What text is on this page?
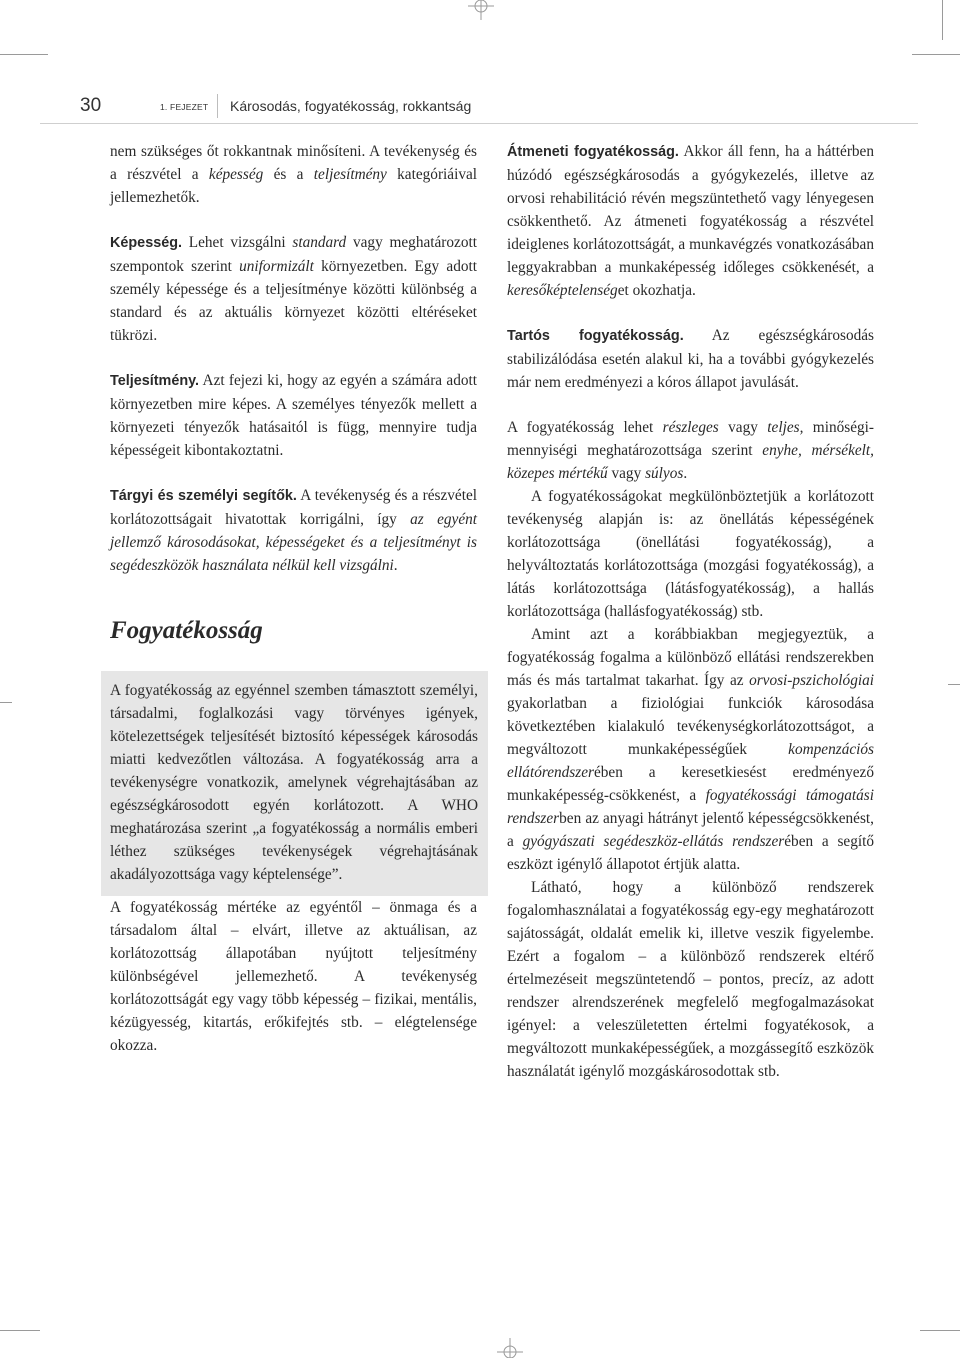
30	1. FEJEZET Károsodás, fogyatékosság, rokkantság

nem szükséges őt rokkantnak minősíteni. A tevékenység és a részvétel a képesség és a teljesítmény kategóriáival jellemezhetők.

Képesség. Lehet vizsgálni standard vagy meghatározott szempontok szerint uniformizált környezetben. Egy adott személy képessége és a teljesítménye közötti különbség a standard és az aktuális környezet közötti eltéréseket tükrözi.

Teljesítmény. Azt fejezi ki, hogy az egyén a számára adott környezetben mire képes. A személyes tényezők mellett a környezeti tényezők hatásaitól is függ, mennyire tudja képességeit kibontakoztatni.

Tárgyi és személyi segítők. A tevékenység és a részvétel korlátozottságait hivatottak korrigálni, így az egyént jellemző károsodásokat, képességeket és a teljesítményt is segédeszközök használata nélkül kell vizsgálni.

Fogyatékosság

A fogyatékosság az egyénnel szemben támasztott személyi, társadalmi, foglalkozási vagy törvényes igények, kötelezettségek teljesítését biztosító képességek károsodás miatti kedvezőtlen változása. A fogyatékosság arra a tevékenységre vonatkozik, amelynek végrehajtásában az egészségkárosodott egyén korlátozott. A WHO meghatározása szerint „a fogyatékosság a normális emberi léthez szükséges tevékenységek végrehajtásának akadályozottsága vagy képtelensége”.

A fogyatékosság mértéke az egyéntől – önmaga és a társadalom által – elvárt, illetve az aktuálisan, az korlátozottság állapotában nyújtott teljesítmény különbségével jellemezhető. A tevékenység korlátozottságát egy vagy több képesség – fizikai, mentális, kézügyesség, kitartás, erőkifejtés stb. – elégtelensége okozza.

Átmeneti fogyatékosság. Akkor áll fenn, ha a háttérben húzódó egészségkárosodás a gyógykezelés, illetve az orvosi rehabilitáció révén megszüntethető vagy lényegesen csökkenthető. Az átmeneti fogyatékosság a részvétel ideiglenes korlátozottságát, a munkavégzés vonatkozásában leggyakrabban a munkaképesség időleges csökkenését, a keresőképtelenséget okozhatja.

Tartós fogyatékosság. Az egészségkárosodás stabilizálódása esetén alakul ki, ha a további gyógykezelés már nem eredményezi a kóros állapot javulását.

A fogyatékosság lehet részleges vagy teljes, minőségi-mennyiségi meghatározottsága szerint enyhe, mérsékelt, közepes mértékű vagy súlyos.

A fogyatékosságokat megkülönböztetjük a korlátozott tevékenység alapján is: az önellátás képességének korlátozottsága (önellátási fogyatékosság), a helyváltoztatás korlátozottsága (mozgási fogyatékosság), a látás korlátozottsága (látásfogyatékosság), a hallás korlátozottsága (hallásfogyatékosság) stb.

Amint azt a korábbiakban megjegyeztük, a fogyatékosság fogalma a különböző ellátási rendszerekben más és más tartalmat takarhat. Így az orvosi-pszichológiai gyakorlatban a fiziológiai funkciók károsodása következtében kialakuló tevékenységkorlátozottságot, a megváltozott munkaképességűek kompenzációs ellátórendszerében a keresetkiesést eredményező munkaképesség-csökkenést, a fogyatékossági támogatási rendszerben az anyagi hátrányt jelentő képességcsökkenést, a gyógyászati segédeszköz-ellátás rendszerében a segítő eszközt igénylő állapotot értjük alatta.

Látható, hogy a különböző rendszerek fogalomhasználatai a fogyatékosság egy-egy meghatározott sajátosságát, oldalát emelik ki, illetve veszik figyelembe. Ezért a fogalom – a különböző rendszerek eltérő értelmezéseit megszüntetendő – pontos, precíz, az adott rendszer alrendszerének megfelelő megfogalmazásokat igényel: a veleszületetten értelmi fogyatékosok, a megváltozott munkaképességűek, a mozgássegítő eszközök használatát igénylő mozgáskárosodottak stb.
